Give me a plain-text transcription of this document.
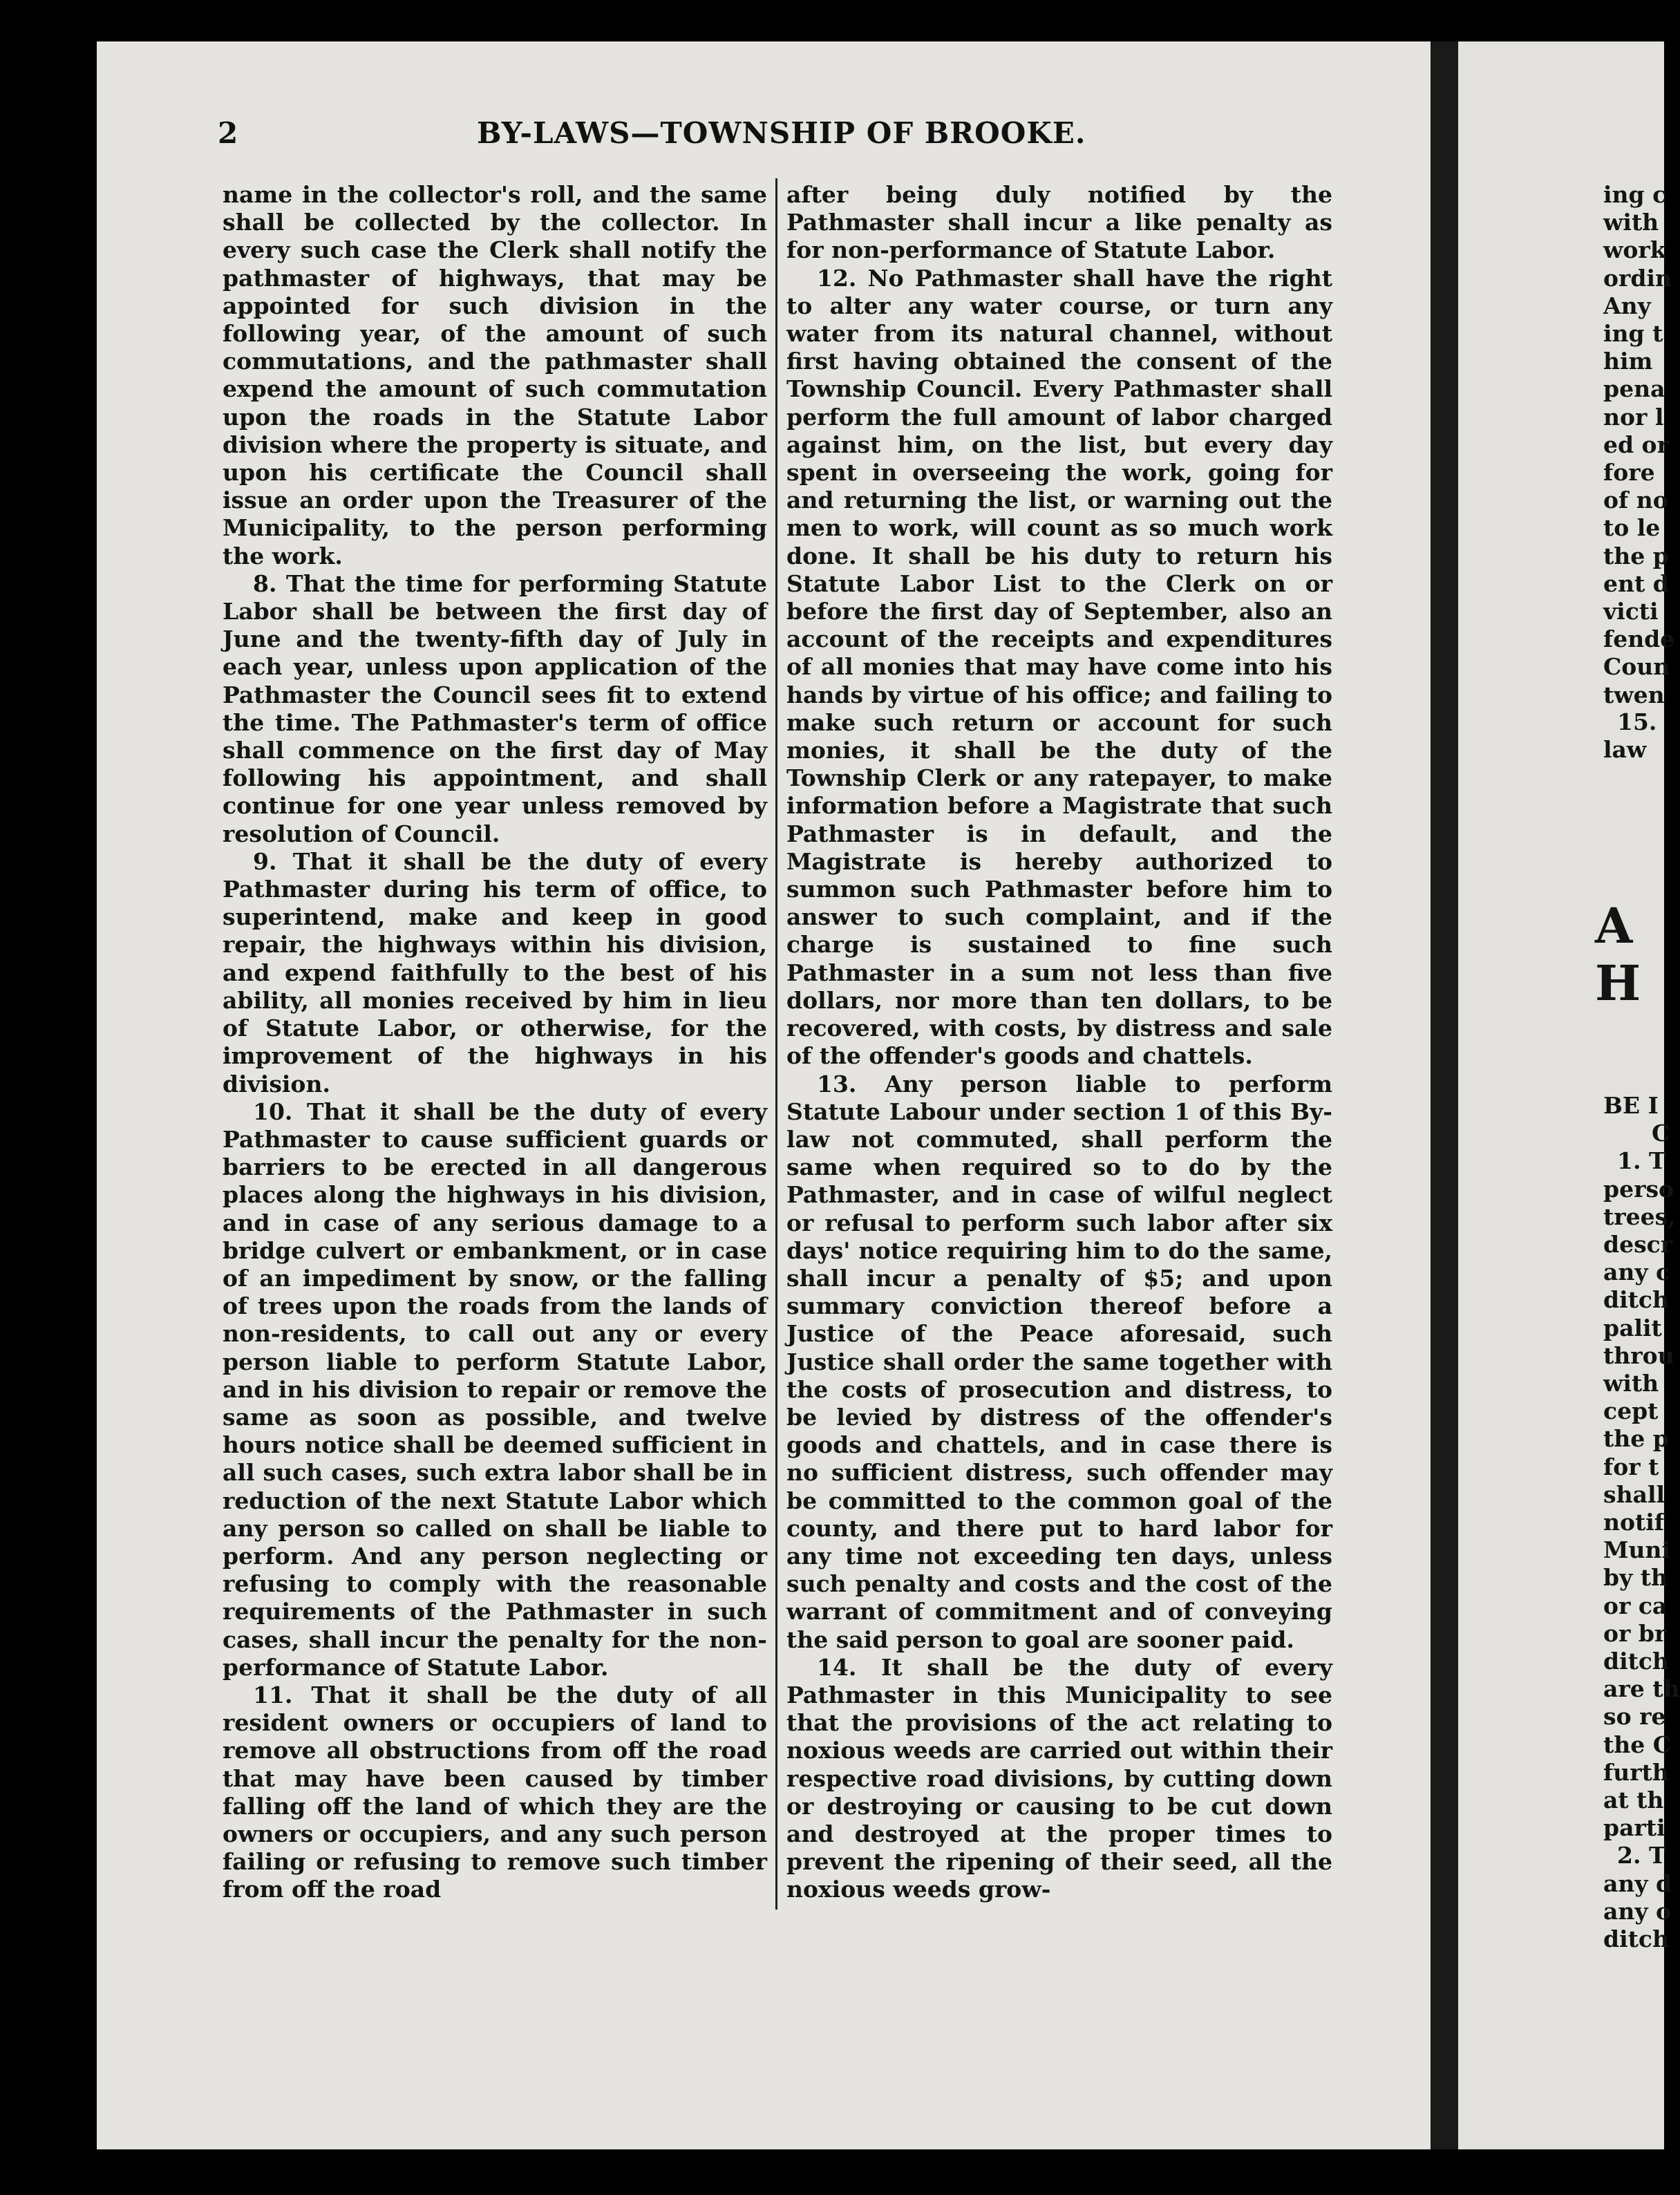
2	BY-LAWS—TOWNSHIP OF BROOKE.

name in the collector's roll, and the same shall be collected by the collector. In every such case the Clerk shall notify the pathmaster of highways, that may be appointed for such division in the following year, of the amount of such commutations, and the pathmaster shall expend the amount of such commutation upon the roads in the Statute Labor division where the property is situate, and upon his certificate the Council shall issue an order upon the Treasurer of the Municipality, to the person performing the work.

8. That the time for performing Statute Labor shall be between the first day of June and the twenty-fifth day of July in each year, unless upon application of the Pathmaster the Council sees fit to extend the time. The Pathmaster's term of office shall commence on the first day of May following his appointment, and shall continue for one year unless removed by resolution of Council.

9. That it shall be the duty of every Pathmaster during his term of office, to superintend, make and keep in good repair, the highways within his division, and expend faithfully to the best of his ability, all monies received by him in lieu of Statute Labor, or otherwise, for the improvement of the highways in his division.

10. That it shall be the duty of every Pathmaster to cause sufficient guards or barriers to be erected in all dangerous places along the highways in his division, and in case of any serious damage to a bridge culvert or embankment, or in case of an impediment by snow, or the falling of trees upon the roads from the lands of non-residents, to call out any or every person liable to perform Statute Labor, and in his division to repair or remove the same as soon as possible, and twelve hours notice shall be deemed sufficient in all such cases, such extra labor shall be in reduction of the next Statute Labor which any person so called on shall be liable to perform. And any person neglecting or refusing to comply with the reasonable requirements of the Pathmaster in such cases, shall incur the penalty for the non-performance of Statute Labor.

11. That it shall be the duty of all resident owners or occupiers of land to remove all obstructions from off the road that may have been caused by timber falling off the land of which they are the owners or occupiers, and any such person failing or refusing to remove such timber from off the road

after being duly notified by the Pathmaster shall incur a like penalty as for non-performance of Statute Labor.

12. No Pathmaster shall have the right to alter any water course, or turn any water from its natural channel, without first having obtained the consent of the Township Council. Every Pathmaster shall perform the full amount of labor charged against him, on the list, but every day spent in overseeing the work, going for and returning the list, or warning out the men to work, will count as so much work done. It shall be his duty to return his Statute Labor List to the Clerk on or before the first day of September, also an account of the receipts and expenditures of all monies that may have come into his hands by virtue of his office; and failing to make such return or account for such monies, it shall be the duty of the Township Clerk or any ratepayer, to make information before a Magistrate that such Pathmaster is in default, and the Magistrate is hereby authorized to summon such Pathmaster before him to answer to such complaint, and if the charge is sustained to fine such Pathmaster in a sum not less than five dollars, nor more than ten dollars, to be recovered, with costs, by distress and sale of the offender's goods and chattels.

13. Any person liable to perform Statute Labour under section 1 of this By-law not commuted, shall perform the same when required so to do by the Pathmaster, and in case of wilful neglect or refusal to perform such labor after six days' notice requiring him to do the same, shall incur a penalty of $5; and upon summary conviction thereof before a Justice of the Peace aforesaid, such Justice shall order the same together with the costs of prosecution and distress, to be levied by distress of the offender's goods and chattels, and in case there is no sufficient distress, such offender may be committed to the common goal of the county, and there put to hard labor for any time not exceeding ten days, unless such penalty and costs and the cost of the warrant of commitment and of conveying the said person to goal are sooner paid.

14. It shall be the duty of every Pathmaster in this Municipality to see that the provisions of the act relating to noxious weeds are carried out within their respective road divisions, by cutting down or destroying or causing to be cut down and destroyed at the proper times to prevent the ripening of their seed, all the noxious weeds grow-

ing c
with
work
ordin
Any
ing t
him
pena
nor l
ed or
fore
of no
to le
the p
ent d
victi
fende
Coun
twen
15.
law
A H
BE I
C
1. T
perso
trees,
descr
any c
ditch
palit
throu
with
cept
the p
for t
shall
notif
Muni
by th
or ca
or br
ditch
are th
so re
the C
furth
at th
parti
2. T
any d
any o
ditch
